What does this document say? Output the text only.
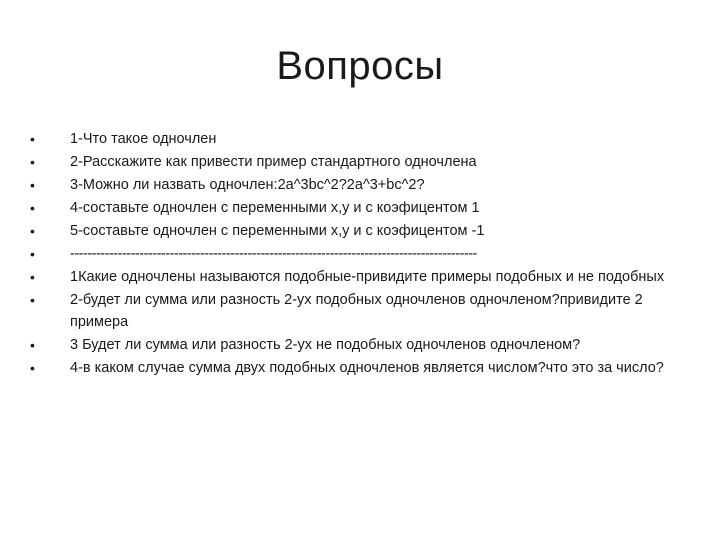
Вопросы
• 1-Что такое одночлен
• 2-Расскажите как привести пример стандартного одночлена
• 3-Можно ли назвать одночлен:2a^3bc^2?2a^3+bc^2?
• 4-составьте одночлен с переменными х,у и с коэфицентом 1
• 5-составьте одночлен с переменными х,у и с коэфицентом -1
• ----------------------------------------------------------------------------------------------
• 1Какие одночлены называются подобные-привидите примеры подобных и не подобных
• 2-будет ли сумма или разность 2-ух подобных одночленов одночленом?привидите 2 примера
• 3 Будет ли сумма или разность 2-ух не подобных одночленов одночленом?
• 4-в каком случае сумма двух подобных одночленов является числом?что это за число?
